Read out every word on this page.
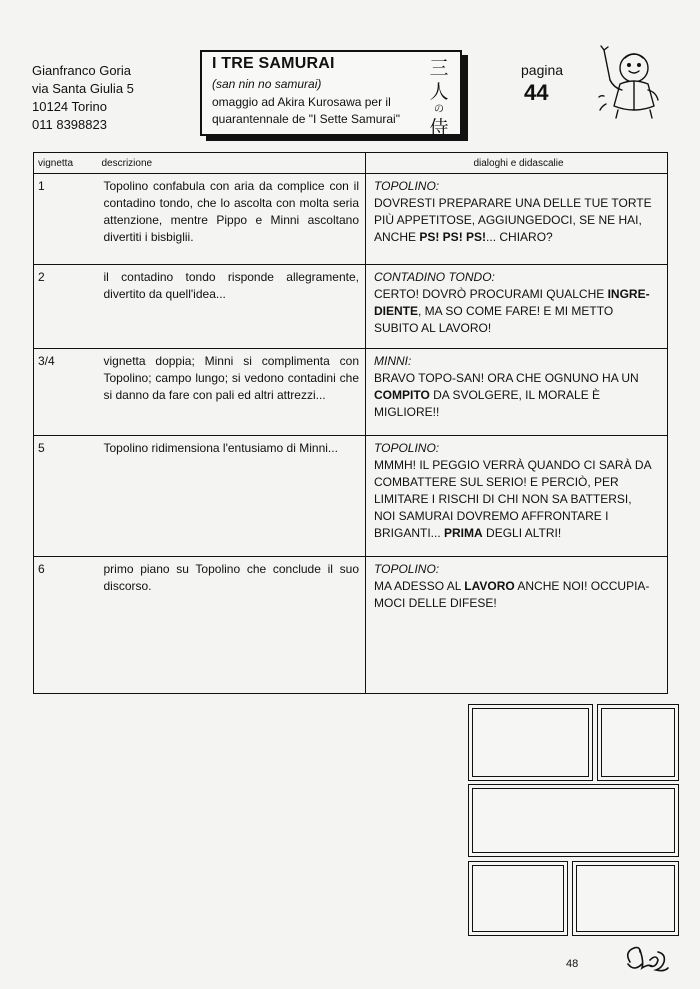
Gianfranco Goria
via Santa Giulia 5
10124 Torino
011 8398823
I TRE SAMURAI
(san nin no samurai)
omaggio ad Akira Kurosawa per il quarantennale de "I Sette Samurai"
三
人
の
侍
pagina
44
vignetta	descrizione	dialoghi e didascalie
1	Topolino confabula con aria da complice con il contadino tondo, che lo ascolta con molta seria attenzione, mentre Pippo e Minni ascoltano divertiti i bisbiglii.	TOPOLINO:
DOVRESTI PREPARARE UNA DELLE TUE TORTE PIÙ APPETITOSE, AGGIUNGEDOCI, SE NE HAI, ANCHE PS! PS! PS!... CHIARO?
2	il contadino tondo risponde allegramente, divertito da quell'idea...	CONTADINO TONDO:
CERTO! DOVRÒ PROCURAMI QUALCHE INGRE-DIENTE, MA SO COME FARE! E MI METTO SUBITO AL LAVORO!
3/4	vignetta doppia; Minni si complimenta con Topolino; campo lungo; si vedono contadini che si danno da fare con pali ed altri attrezzi...	MINNI:
BRAVO TOPO-SAN! ORA CHE OGNUNO HA UN COMPITO DA SVOLGERE, IL MORALE È MIGLIORE!!
5	Topolino ridimensiona l'entusiamo di Minni...	TOPOLINO:
MMMH! IL PEGGIO VERRÀ QUANDO CI SARÀ DA COMBATTERE SUL SERIO! E PERCIÒ, PER LIMITARE I RISCHI DI CHI NON SA BATTERSI, NOI SAMURAI DOVREMO AFFRONTARE I BRIGANTI... PRIMA DEGLI ALTRI!
6	primo piano su Topolino che conclude il suo discorso.	TOPOLINO:
MA ADESSO AL LAVORO ANCHE NOI! OCCUPIA-MOCI DELLE DIFESE!
48
